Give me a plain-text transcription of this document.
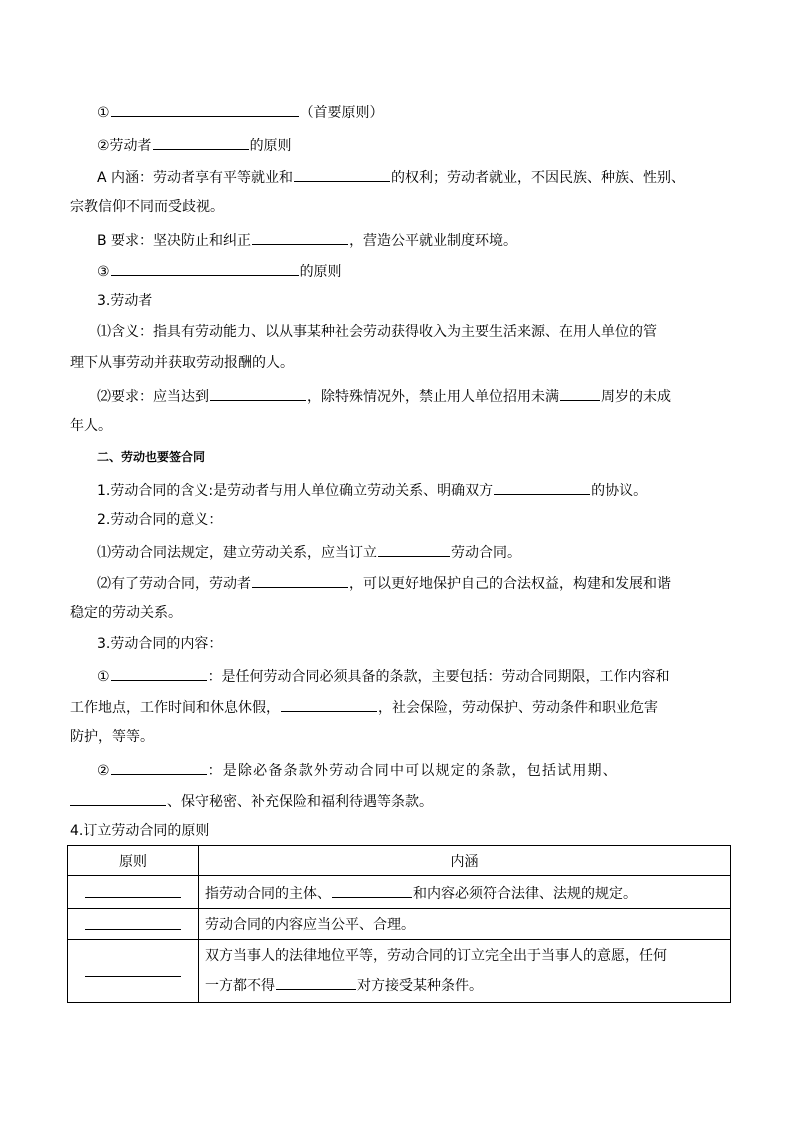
①	（首要原则）
②劳动者	的原则
A 内涵：劳动者享有平等就业和	的权利；劳动者就业，不因民族、种族、性别、
宗教信仰不同而受歧视。
B 要求：坚决防止和纠正	，营造公平就业制度环境。
③	的原则
3.劳动者
⑴含义：指具有劳动能力、以从事某种社会劳动获得收入为主要生活来源、在用人单位的管
理下从事劳动并获取劳动报酬的人。
⑵要求：应当达到	，除特殊情况外，禁止用人单位招用未满	周岁的未成
年人。
二、劳动也要签合同
1.劳动合同的含义:是劳动者与用人单位确立劳动关系、明确双方	的协议。
2.劳动合同的意义：
⑴劳动合同法规定，建立劳动关系，应当订立	劳动合同。
⑵有了劳动合同，劳动者	，可以更好地保护自己的合法权益，构建和发展和谐
稳定的劳动关系。
3.劳动合同的内容：
①	：是任何劳动合同必须具备的条款，主要包括：劳动合同期限，工作内容和
工作地点，工作时间和休息休假，	，社会保险，劳动保护、劳动条件和职业危害
防护，等等。
②	：是除必备条款外劳动合同中可以规定的条款，包括试用期、
、保守秘密、补充保险和福利待遇等条款。
4.订立劳动合同的原则
原则	内涵
	指劳动合同的主体、 和内容必须符合法律、法规的规定。
	劳动合同的内容应当公平、合理。

	双方当事人的法律地位平等，劳动合同的订立完全出于当事人的意愿，任何
一方都不得 对方接受某种条件。
